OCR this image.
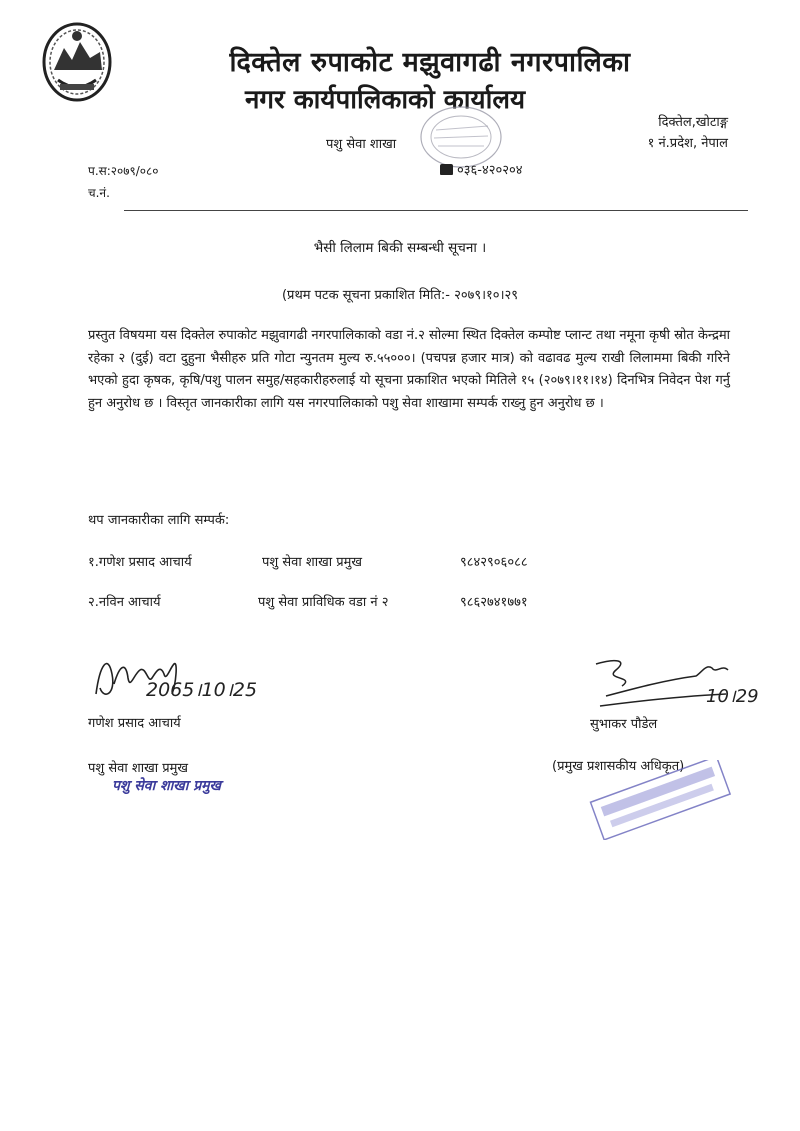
दिक्तेल रुपाकोट मझुवागढी नगरपालिका
नगर कार्यपालिकाको कार्यालय
दिक्तेल,खोटाङ्ग
१ नं.प्रदेश, नेपाल
पशु सेवा शाखा
प.स:२०७९/०८०
च.नं.
०३६-४२०२०४
भैसी लिलाम बिकी सम्बन्धी सूचना ।
(प्रथम पटक सूचना प्रकाशित मिति:- २०७९।१०।२९
प्रस्तुत विषयमा यस दिक्तेल रुपाकोट मझुवागढी नगरपालिकाको वडा नं.२ सोल्मा स्थित दिक्तेल कम्पोष्ट प्लान्ट तथा नमूना कृषी स्रोत केन्द्रमा रहेका २ (दुई) वटा दुहुना भैसीहरु प्रति गोटा न्युनतम मुल्य रु.५५०००। (पचपन्न हजार मात्र) को वढावढ मुल्य राखी लिलाममा बिकी गरिने भएको हुदा कृषक, कृषि/पशु पालन समुह/सहकारीहरुलाई यो सूचना प्रकाशित भएको मितिले १५ (२०७९।११।१४) दिनभित्र निवेदन पेश गर्नु हुन अनुरोध छ । विस्तृत जानकारीका लागि यस नगरपालिकाको पशु सेवा शाखामा सम्पर्क राख्नु हुन अनुरोध छ ।
थप जानकारीका लागि सम्पर्क:
१.गणेश प्रसाद आचार्य	पशु सेवा शाखा प्रमुख	९८४२९०६०८८
२.नविन आचार्य	पशु सेवा प्राविधिक वडा नं २	९८६२७४१७७१
2065।10।25
गणेश प्रसाद आचार्य
पशु सेवा शाखा प्रमुख
पशु सेवा शाखा प्रमुख
10।29
सुभाकर पौडेल
(प्रमुख प्रशासकीय अधिकृत)
